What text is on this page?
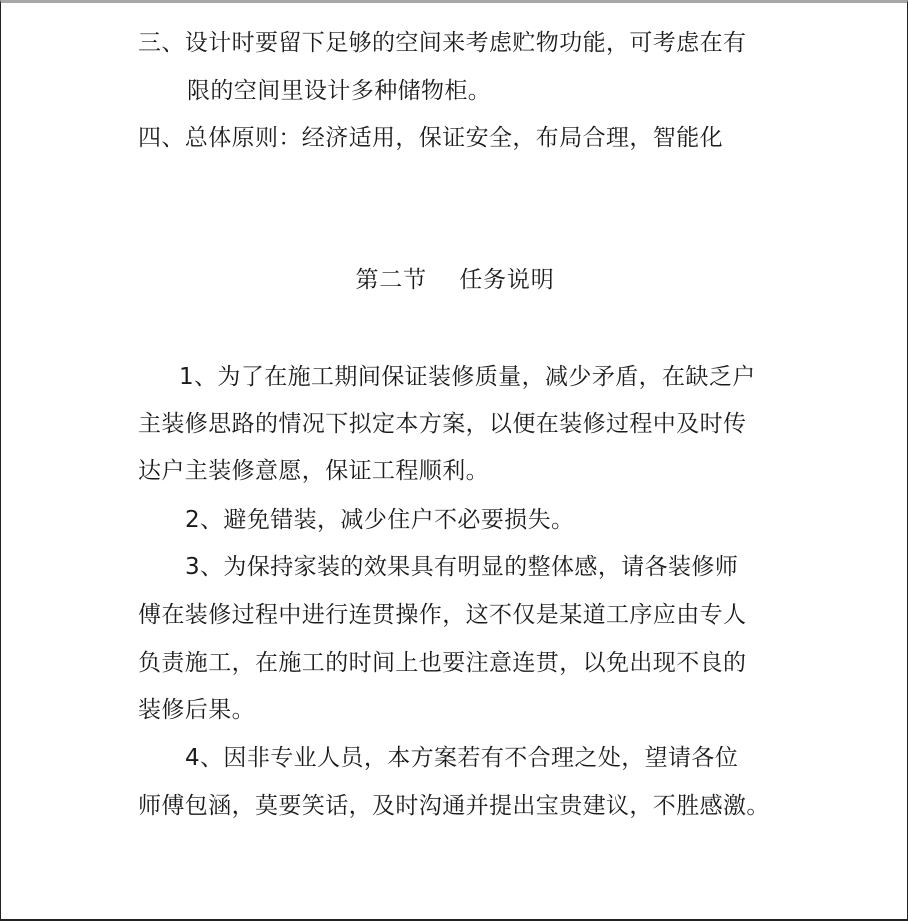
三、设计时要留下足够的空间来考虑贮物功能，可考虑在有
限的空间里设计多种储物柜。
四、总体原则：经济适用，保证安全，布局合理，智能化
第二节    任务说明
1、为了在施工期间保证装修质量，减少矛盾，在缺乏户
主装修思路的情况下拟定本方案，以便在装修过程中及时传
达户主装修意愿，保证工程顺利。
2、避免错装，减少住户不必要损失。
3、为保持家装的效果具有明显的整体感，请各装修师
傅在装修过程中进行连贯操作，这不仅是某道工序应由专人
负责施工，在施工的时间上也要注意连贯，以免出现不良的
装修后果。
4、因非专业人员，本方案若有不合理之处，望请各位
师傅包涵，莫要笑话，及时沟通并提出宝贵建议，不胜感激。
